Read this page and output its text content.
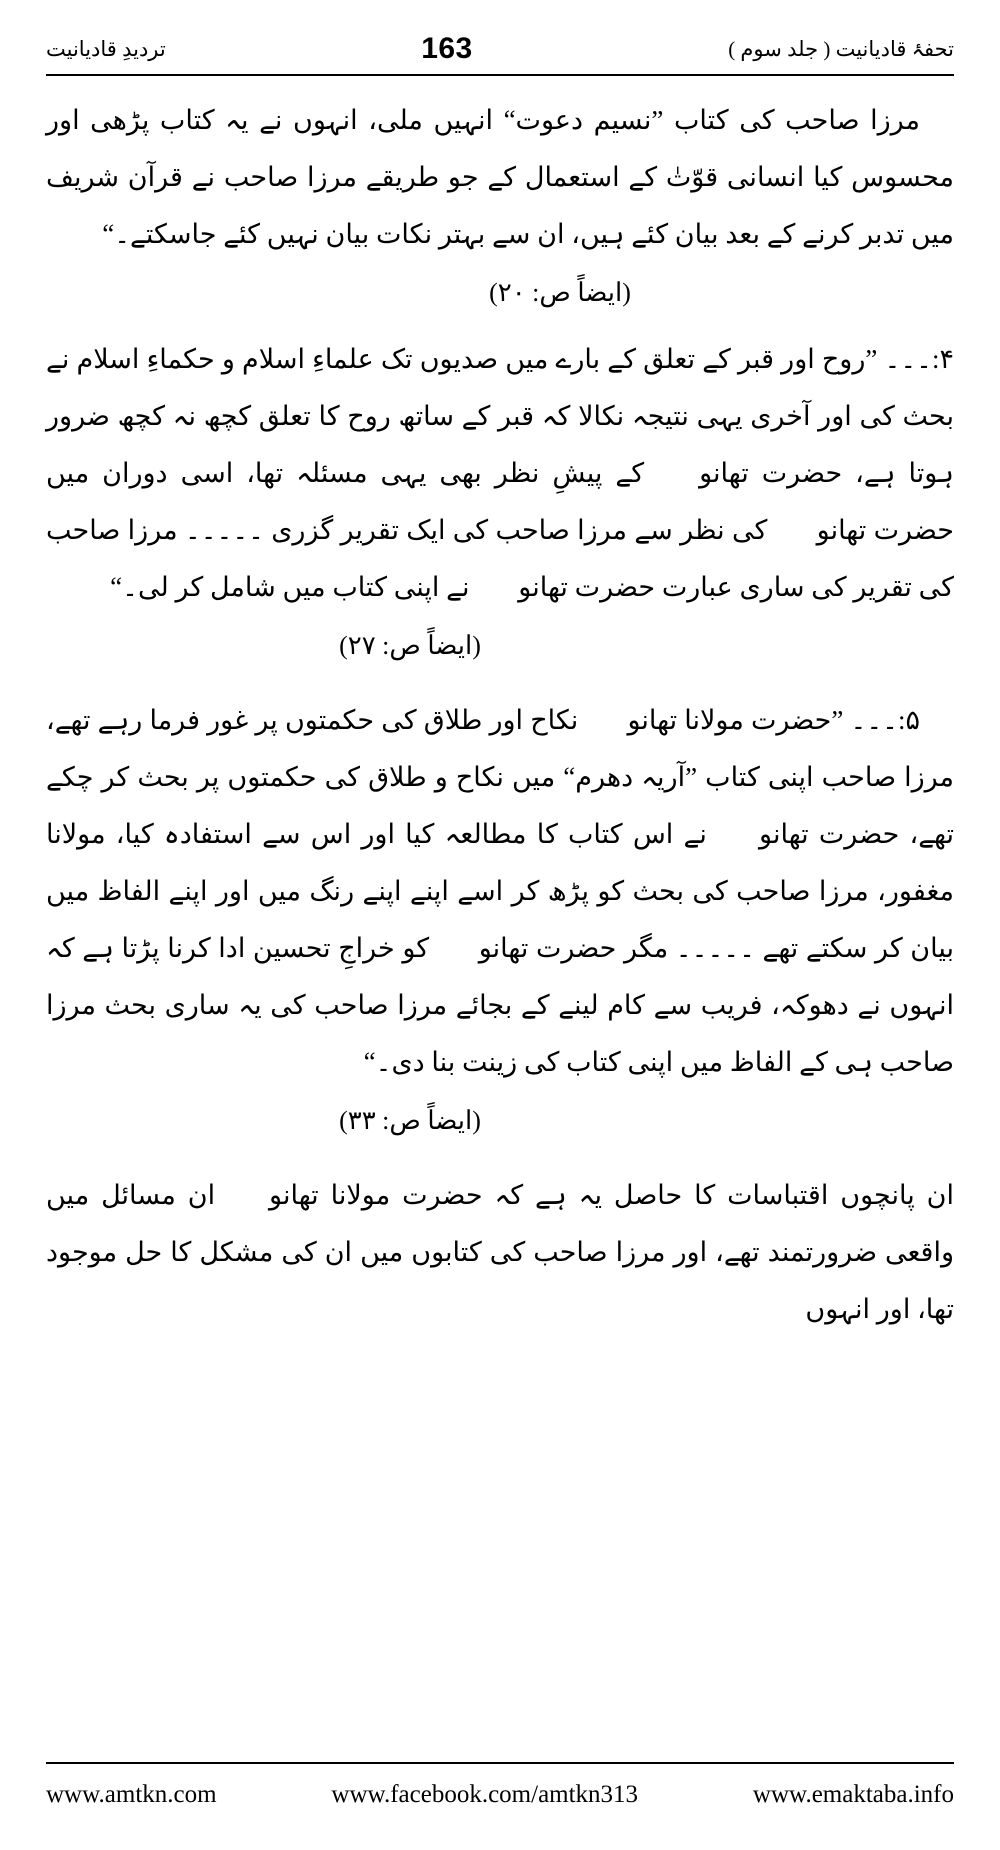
تحفۂ قادیانیت ( جلد سوم )
163
تردیدِ قادیانیت

مرزا صاحب کی کتاب ”نسیم دعوت“ انہیں ملی، انہوں نے یہ کتاب پڑھی اور محسوس کیا انسانی قوّتٰ کے استعمال کے جو طریقے مرزا صاحب نے قرآن شریف میں تدبر کرنے کے بعد بیان کئے ہیں، ان سے بہتر نکات بیان نہیں کئے جاسکتے۔“

(ایضاً ص: ۲۰)

۴:۔۔۔ ”روح اور قبر کے تعلق کے بارے میں صدیوں تک علماءِ اسلام و حکماءِ اسلام نے بحث کی اور آخری یہی نتیجہ نکالا کہ قبر کے ساتھ روح کا تعلق کچھ نہ کچھ ضرور ہوتا ہے، حضرت تھانویؒ کے پیشِ نظر بھی یہی مسئلہ تھا، اسی دوران میں حضرت تھانویؒ کی نظر سے مرزا صاحب کی ایک تقریر گزری ۔۔۔۔۔ مرزا صاحب کی تقریر کی ساری عبارت حضرت تھانویؒ نے اپنی کتاب میں شامل کر لی۔“

(ایضاً ص: ۲۷)

۵:۔۔۔ ”حضرت مولانا تھانویؒ نکاح اور طلاق کی حکمتوں پر غور فرما رہے تھے، مرزا صاحب اپنی کتاب ”آریہ دھرم“ میں نکاح و طلاق کی حکمتوں پر بحث کر چکے تھے، حضرت تھانویؒ نے اس کتاب کا مطالعہ کیا اور اس سے استفادہ کیا، مولانا مغفور، مرزا صاحب کی بحث کو پڑھ کر اسے اپنے اپنے رنگ میں اور اپنے الفاظ میں بیان کر سکتے تھے ۔۔۔۔۔ مگر حضرت تھانویؒ کو خراجِ تحسین ادا کرنا پڑتا ہے کہ انہوں نے دھوکہ، فریب سے کام لینے کے بجائے مرزا صاحب کی یہ ساری بحث مرزا صاحب ہی کے الفاظ میں اپنی کتاب کی زینت بنا دی۔“

(ایضاً ص: ۳۳)

ان پانچوں اقتباسات کا حاصل یہ ہے کہ حضرت مولانا تھانویؒ ان مسائل میں واقعی ضرورتمند تھے، اور مرزا صاحب کی کتابوں میں ان کی مشکل کا حل موجود تھا، اور انہوں

www.amtkn.com	www.facebook.com/amtkn313	www.emaktaba.info
